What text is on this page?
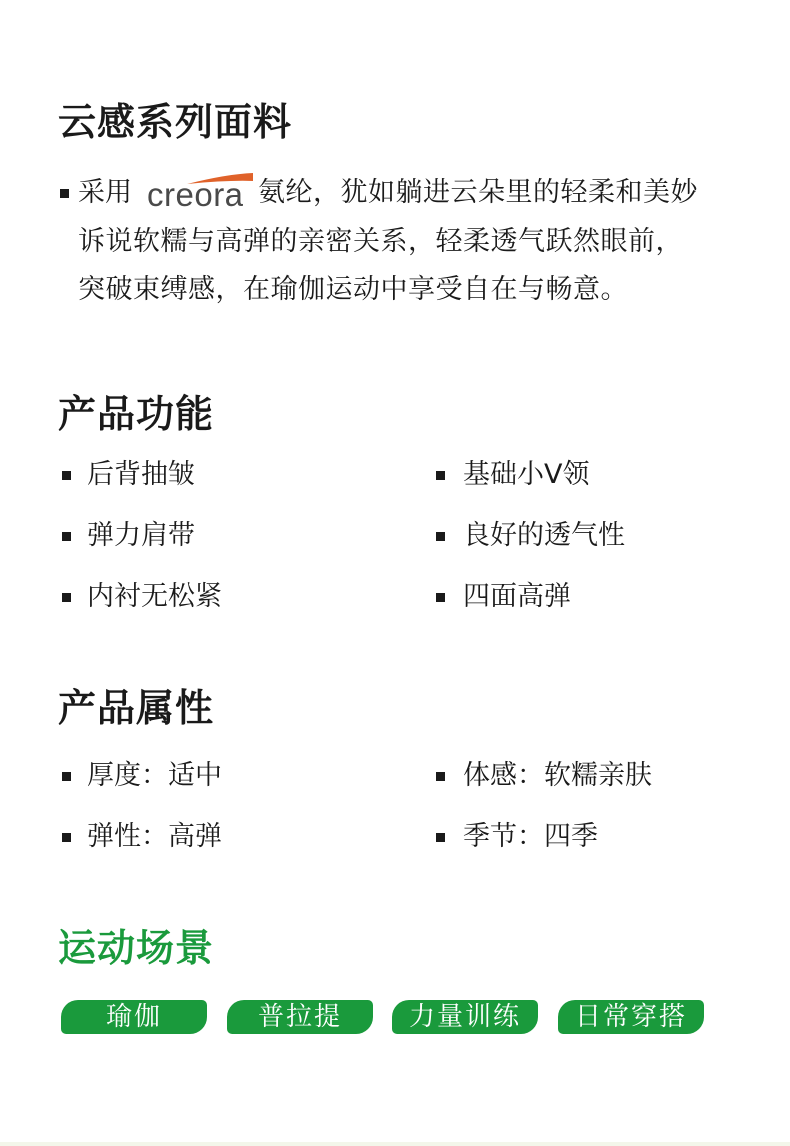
云感系列面料
采用 creora 氨纶，犹如躺进云朵里的轻柔和美妙
诉说软糯与高弹的亲密关系，轻柔透气跃然眼前，
突破束缚感，在瑜伽运动中享受自在与畅意。
产品功能
后背抽皱	基础小V领
弹力肩带	良好的透气性
内衬无松紧	四面高弹
产品属性
厚度：适中	体感：软糯亲肤
弹性：高弹	季节：四季
运动场景
瑜伽	普拉提	力量训练	日常穿搭
